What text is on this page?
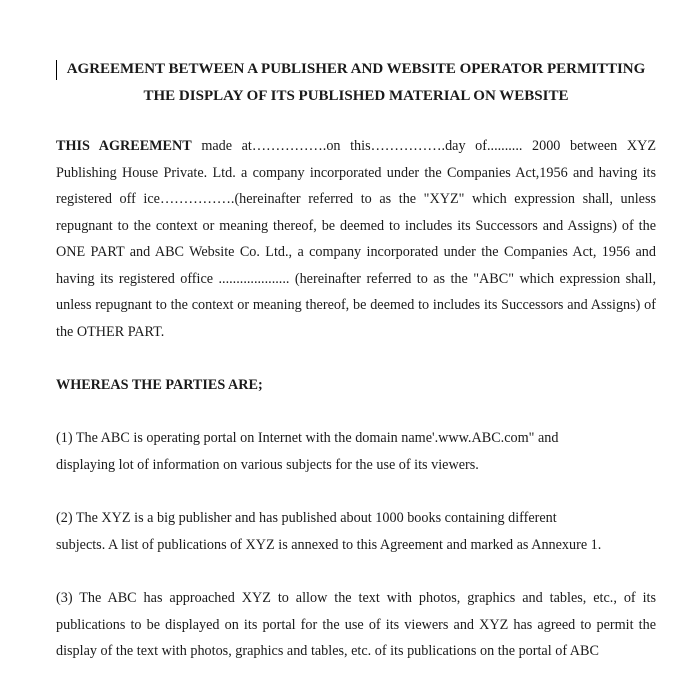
AGREEMENT BETWEEN A PUBLISHER AND WEBSITE OPERATOR PERMITTING
THE DISPLAY OF ITS PUBLISHED MATERIAL ON WEBSITE
THIS AGREEMENT made at…………….on this…………….day of.......... 2000 between XYZ Publishing House Private. Ltd. a company incorporated under the Companies Act,1956 and having its registered off ice…………….(hereinafter referred to as the "XYZ" which expression shall, unless repugnant to the context or meaning thereof, be deemed to includes its Successors and Assigns) of the ONE PART and ABC Website Co. Ltd., a company incorporated under the Companies Act, 1956 and having its registered office .................... (hereinafter referred to as the "ABC" which expression shall, unless repugnant to the context or meaning thereof, be deemed to includes its Successors and Assigns) of the OTHER PART.
WHEREAS THE PARTIES ARE;
(1) The ABC is operating portal on Internet with the domain name'.www.ABC.com" and
displaying lot of information on various subjects for the use of its viewers.
(2) The XYZ is a big publisher and has published about 1000 books containing different
subjects. A list of publications of XYZ is annexed to this Agreement and marked as Annexure 1.
(3) The ABC has approached XYZ to allow the text with photos, graphics and tables, etc., of its publications to be displayed on its portal for the use of its viewers and XYZ has agreed to permit the display of the text with photos, graphics and tables, etc. of its publications on the portal of ABC
